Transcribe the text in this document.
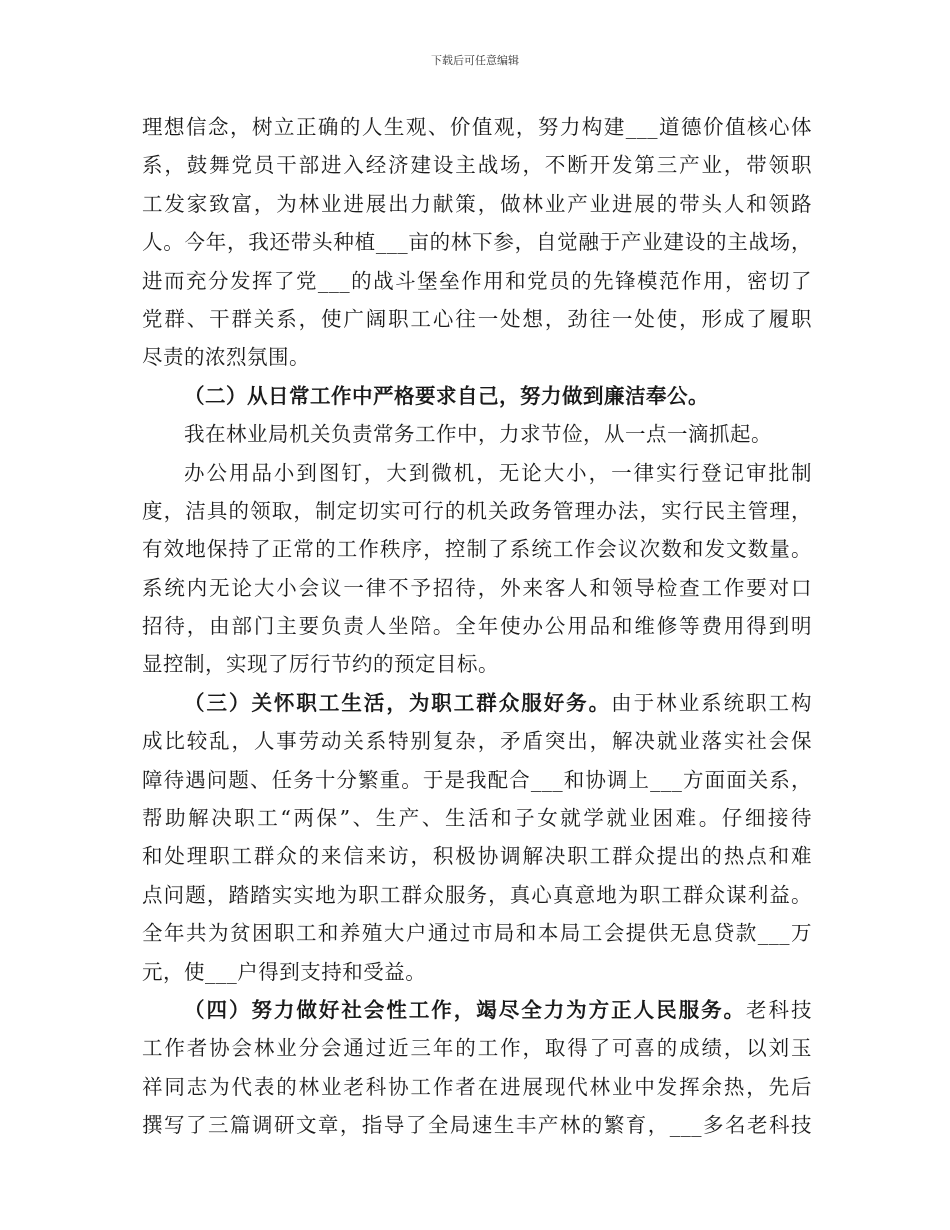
下载后可任意编辑
理想信念，树立正确的人生观、价值观，努力构建___道德价值核心体
系，鼓舞党员干部进入经济建设主战场，不断开发第三产业，带领职
工发家致富，为林业进展出力献策，做林业产业进展的带头人和领路
人。今年，我还带头种植___亩的林下参，自觉融于产业建设的主战场，
进而充分发挥了党___的战斗堡垒作用和党员的先锋模范作用，密切了
党群、干群关系，使广阔职工心往一处想，劲往一处使，形成了履职
尽责的浓烈氛围。
（二）从日常工作中严格要求自己，努力做到廉洁奉公。
我在林业局机关负责常务工作中，力求节俭，从一点一滴抓起。
办公用品小到图钉，大到微机，无论大小，一律实行登记审批制
度，洁具的领取，制定切实可行的机关政务管理办法，实行民主管理，
有效地保持了正常的工作秩序，控制了系统工作会议次数和发文数量。
系统内无论大小会议一律不予招待，外来客人和领导检查工作要对口
招待，由部门主要负责人坐陪。全年使办公用品和维修等费用得到明
显控制，实现了厉行节约的预定目标。
（三）关怀职工生活，为职工群众服好务。由于林业系统职工构
成比较乱，人事劳动关系特别复杂，矛盾突出，解决就业落实社会保
障待遇问题、任务十分繁重。于是我配合___和协调上___方面面关系，
帮助解决职工“两保”、生产、生活和子女就学就业困难。仔细接待
和处理职工群众的来信来访，积极协调解决职工群众提出的热点和难
点问题，踏踏实实地为职工群众服务，真心真意地为职工群众谋利益。
全年共为贫困职工和养殖大户通过市局和本局工会提供无息贷款___万
元，使___户得到支持和受益。
（四）努力做好社会性工作，竭尽全力为方正人民服务。老科技
工作者协会林业分会通过近三年的工作，取得了可喜的成绩，以刘玉
祥同志为代表的林业老科协工作者在进展现代林业中发挥余热，先后
撰写了三篇调研文章，指导了全局速生丰产林的繁育，___多名老科技
